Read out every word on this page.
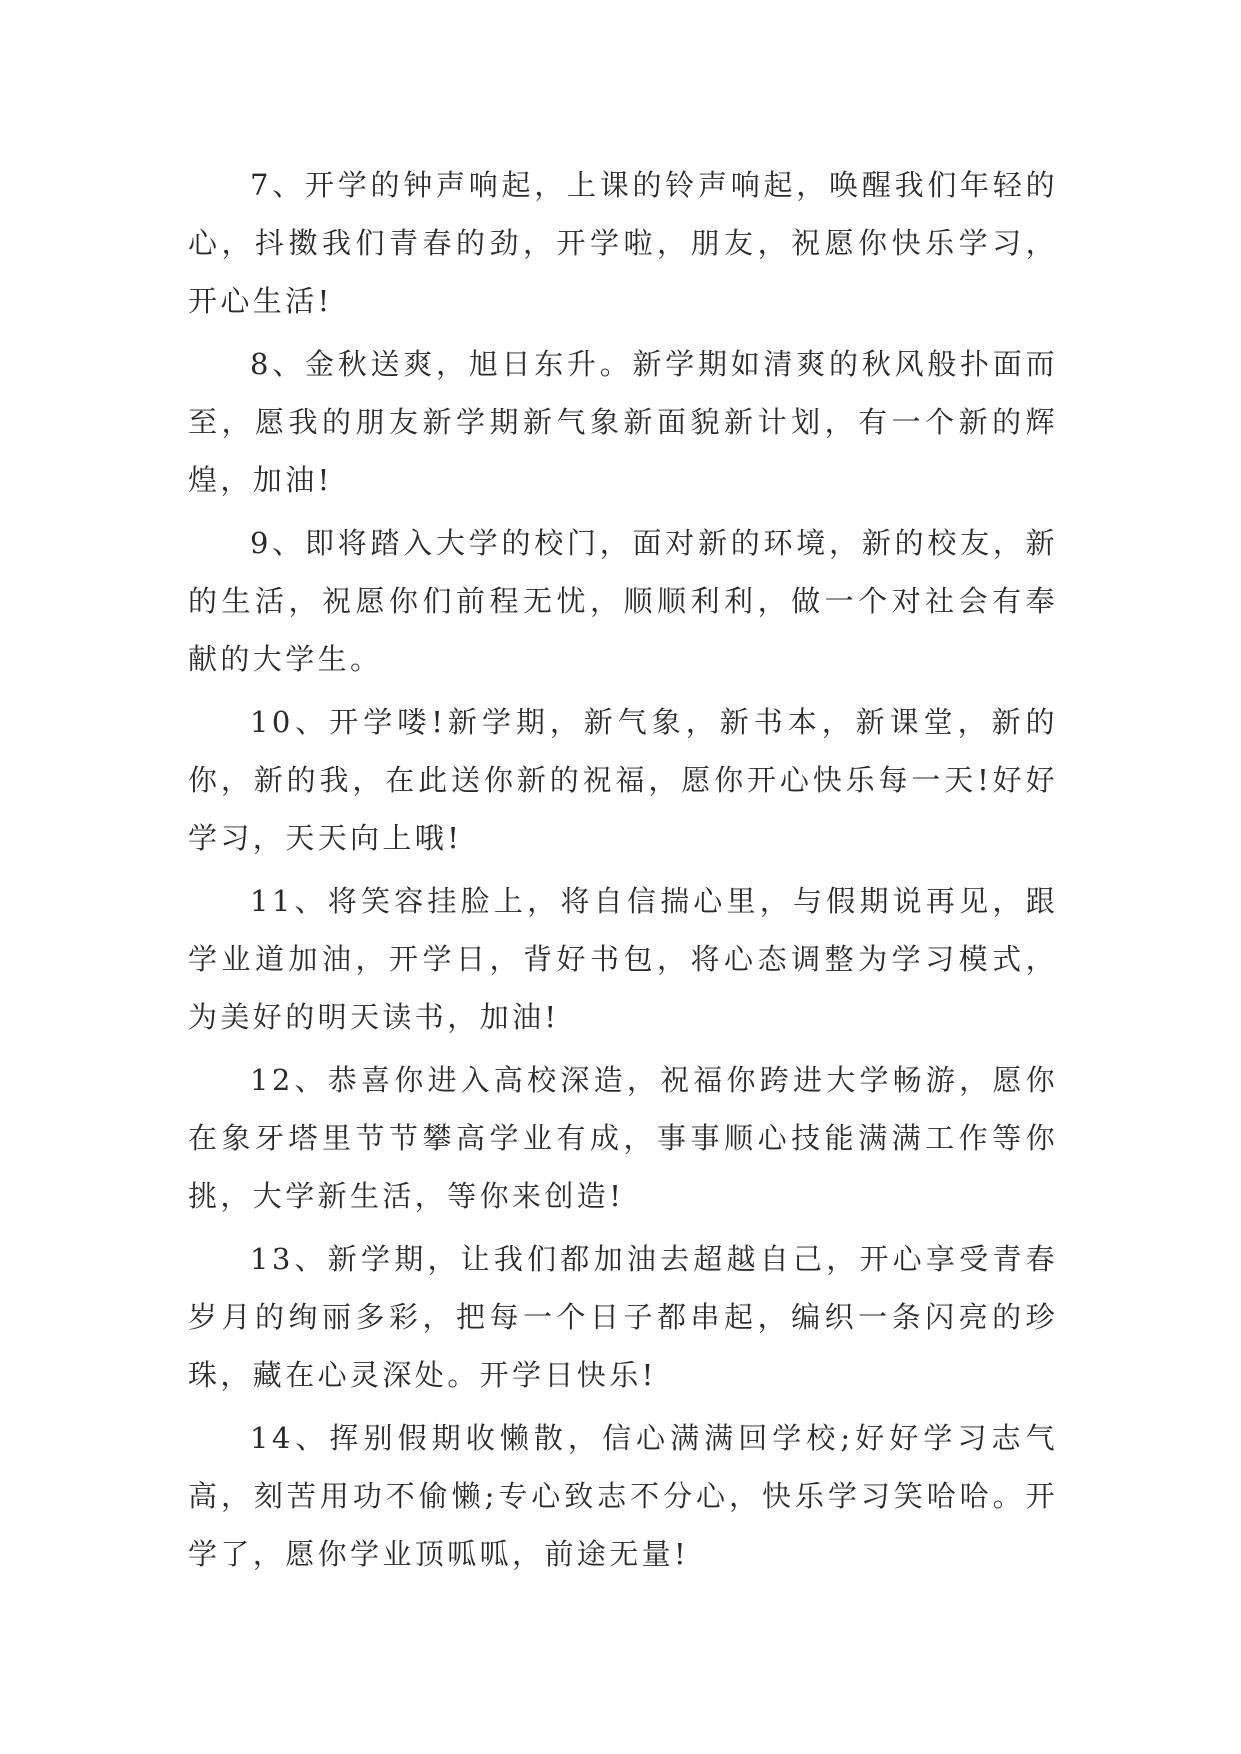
7、开学的钟声响起，上课的铃声响起，唤醒我们年轻的心，抖擞我们青春的劲，开学啦，朋友，祝愿你快乐学习，开心生活!

8、金秋送爽，旭日东升。新学期如清爽的秋风般扑面而至，愿我的朋友新学期新气象新面貌新计划，有一个新的辉煌，加油!

9、即将踏入大学的校门，面对新的环境，新的校友，新的生活，祝愿你们前程无忧，顺顺利利，做一个对社会有奉献的大学生。

10、开学喽!新学期，新气象，新书本，新课堂，新的你，新的我，在此送你新的祝福，愿你开心快乐每一天!好好学习，天天向上哦!

11、将笑容挂脸上，将自信揣心里，与假期说再见，跟学业道加油，开学日，背好书包，将心态调整为学习模式，为美好的明天读书，加油!

12、恭喜你进入高校深造，祝福你跨进大学畅游，愿你在象牙塔里节节攀高学业有成，事事顺心技能满满工作等你挑，大学新生活，等你来创造!

13、新学期，让我们都加油去超越自己，开心享受青春岁月的绚丽多彩，把每一个日子都串起，编织一条闪亮的珍珠，藏在心灵深处。开学日快乐!

14、挥别假期收懒散，信心满满回学校;好好学习志气高，刻苦用功不偷懒;专心致志不分心，快乐学习笑哈哈。开学了，愿你学业顶呱呱，前途无量!
